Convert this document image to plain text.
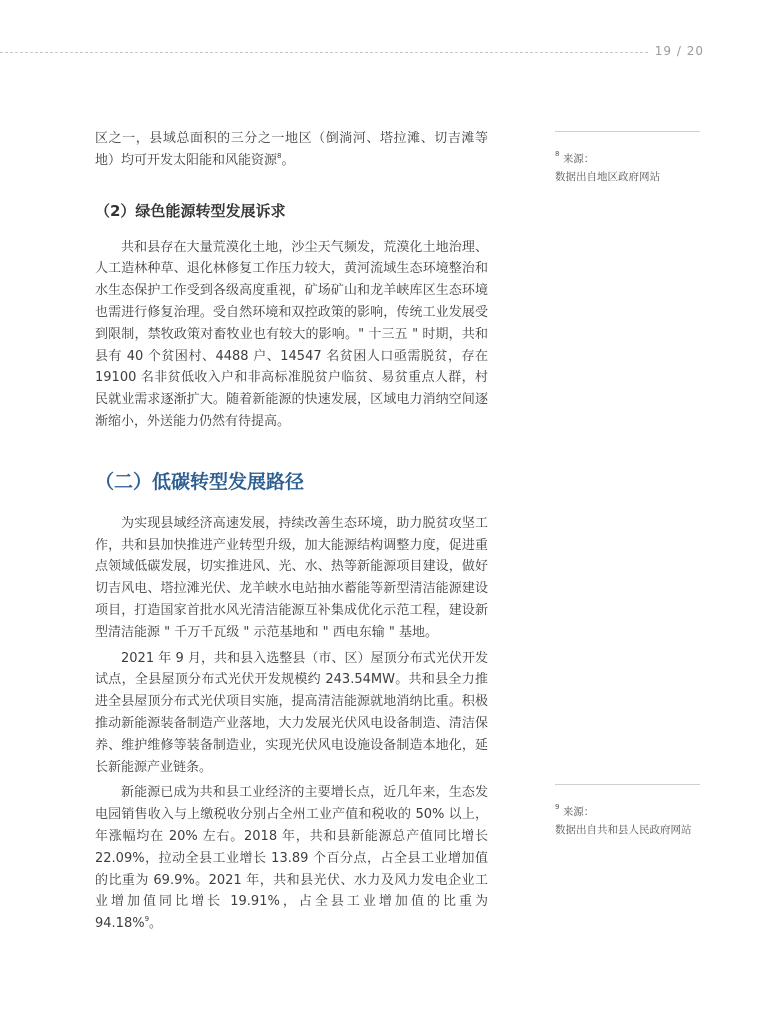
19 / 20

区之一，县域总面积的三分之一地区（倒淌河、塔拉滩、切吉滩等地）均可开发太阳能和风能资源$^8$。

（2）绿色能源转型发展诉求

共和县存在大量荒漠化土地，沙尘天气频发，荒漠化土地治理、人工造林种草、退化林修复工作压力较大，黄河流域生态环境整治和水生态保护工作受到各级高度重视，矿场矿山和龙羊峡库区生态环境也需进行修复治理。受自然环境和双控政策的影响，传统工业发展受到限制，禁牧政策对畜牧业也有较大的影响。" 十三五 " 时期，共和县有 40 个贫困村、4488 户、14547 名贫困人口亟需脱贫，存在 19100 名非贫低收入户和非高标准脱贫户临贫、易贫重点人群，村民就业需求逐渐扩大。随着新能源的快速发展，区域电力消纳空间逐渐缩小，外送能力仍然有待提高。

（二）低碳转型发展路径

为实现县域经济高速发展，持续改善生态环境，助力脱贫攻坚工作，共和县加快推进产业转型升级，加大能源结构调整力度，促进重点领域低碳发展，切实推进风、光、水、热等新能源项目建设，做好切吉风电、塔拉滩光伏、龙羊峡水电站抽水蓄能等新型清洁能源建设项目，打造国家首批水风光清洁能源互补集成优化示范工程，建设新型清洁能源 " 千万千瓦级 " 示范基地和 " 西电东输 " 基地。

2021 年 9 月，共和县入选整县（市、区）屋顶分布式光伏开发试点，全县屋顶分布式光伏开发规模约 243.54MW。共和县全力推进全县屋顶分布式光伏项目实施，提高清洁能源就地消纳比重。积极推动新能源装备制造产业落地，大力发展光伏风电设备制造、清洁保养、维护维修等装备制造业，实现光伏风电设施设备制造本地化，延长新能源产业链条。

新能源已成为共和县工业经济的主要增长点，近几年来，生态发电园销售收入与上缴税收分别占全州工业产值和税收的 50% 以上，年涨幅均在 20% 左右。2018 年，共和县新能源总产值同比增长 22.09%，拉动全县工业增长 13.89 个百分点，占全县工业增加值的比重为 69.9%。2021 年，共和县光伏、水力及风力发电企业工业增加值同比增长 19.91%，占全县工业增加值的比重为 94.18%$^9$。

$^8$ 来源：
数据出自地区政府网站
$^9$ 来源：
数据出自共和县人民政府网站
